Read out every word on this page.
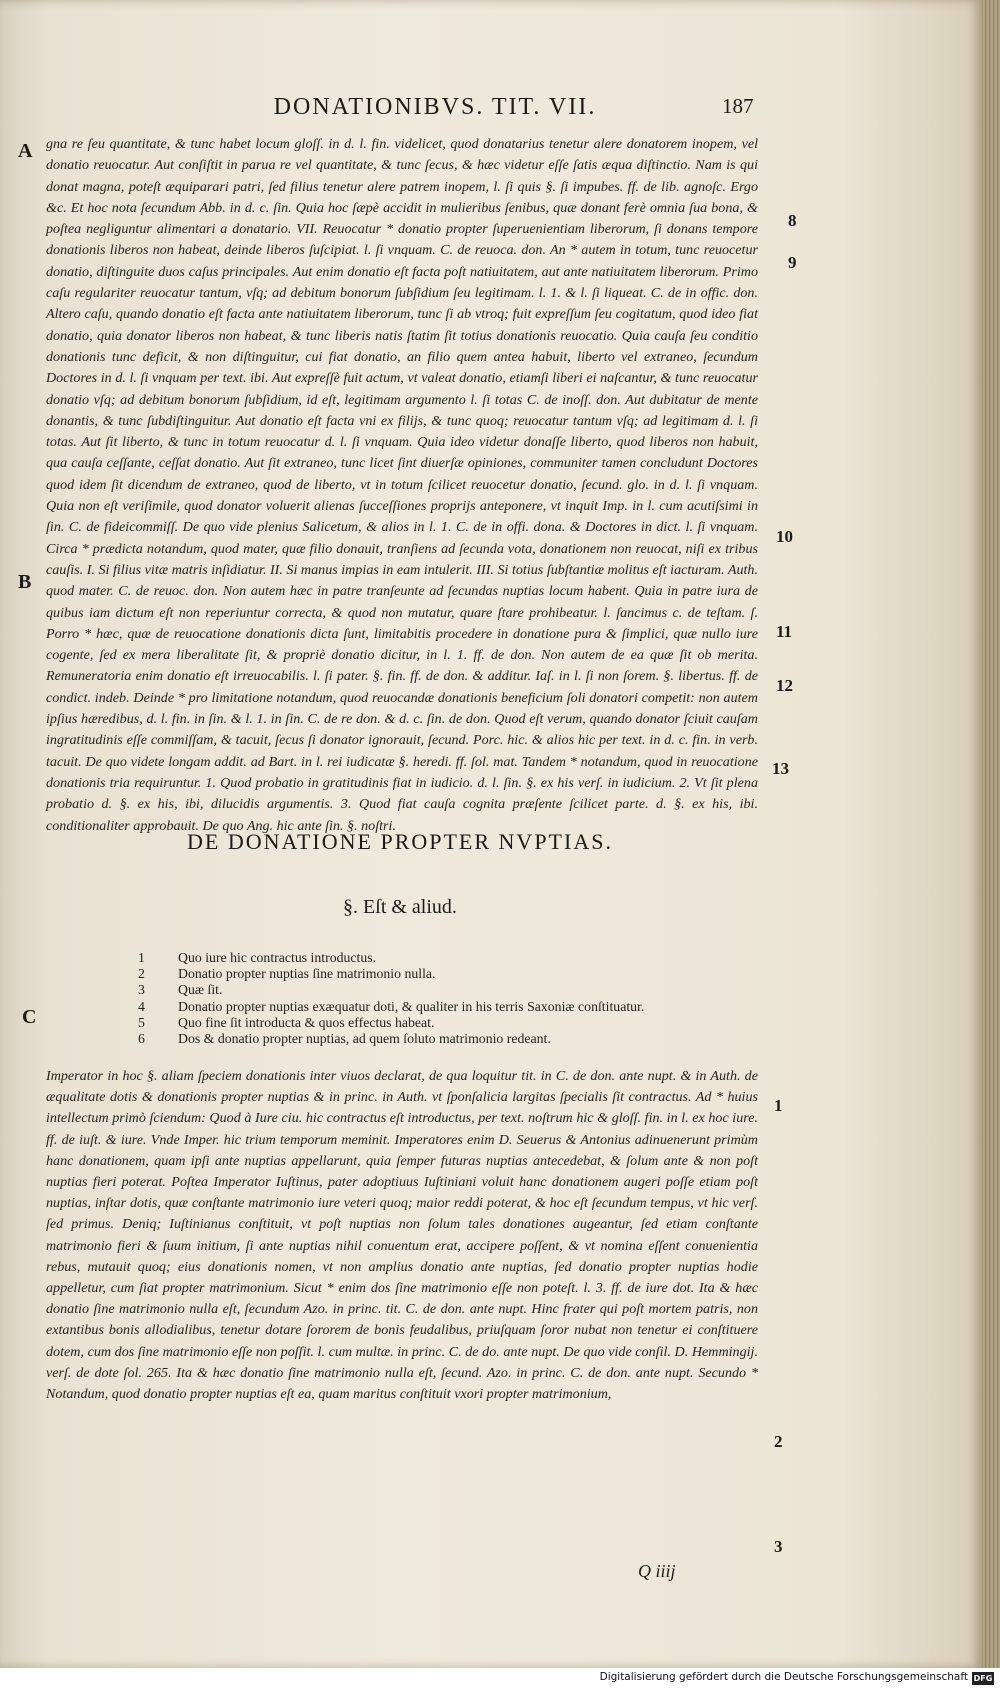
DONATIONIBVS. TIT. VII.	187
A
B
C
8
9
10
11
12
13
1
2
3

gna re ſeu quantitate, & tunc habet locum gloſſ. in d. l. fin. videlicet, quod donatarius tenetur alere donatorem inopem, vel donatio reuocatur. Aut conſiſtit in parua re vel quantitate, & tunc ſecus, & hæc videtur eſſe ſatis æqua diſtinctio. Nam is qui donat magna, poteſt æquiparari patri, ſed filius tenetur alere patrem inopem, l. ſi quis §. ſi impubes. ff. de lib. agnoſc. Ergo &c. Et hoc nota ſecundum Abb. in d. c. ſin. Quia hoc ſæpè accidit in mulieribus ſenibus, quæ donant ferè omnia ſua bona, & poſtea negliguntur alimentari a donatario. VII. Reuocatur * donatio propter ſuperuenientiam liberorum, ſi donans tempore donationis liberos non habeat, deinde liberos ſuſcipiat. l. ſi vnquam. C. de reuoca. don. An * autem in totum, tunc reuocetur donatio, diſtinguite duos caſus principales. Aut enim donatio eſt facta poſt natiuitatem, aut ante natiuitatem liberorum. Primo caſu regulariter reuocatur tantum, vſq; ad debitum bonorum ſubſidium ſeu legitimam. l. 1. & l. ſi liqueat. C. de in offic. don. Altero caſu, quando donatio eſt facta ante natiuitatem liberorum, tunc ſi ab vtroq; fuit expreſſum ſeu cogitatum, quod ideo fiat donatio, quia donator liberos non habeat, & tunc liberis natis ſtatim ſit totius donationis reuocatio. Quia cauſa ſeu conditio donationis tunc deficit, & non diſtinguitur, cui fiat donatio, an filio quem antea habuit, liberto vel extraneo, ſecundum Doctores in d. l. ſi vnquam per text. ibi. Aut expreſſè fuit actum, vt valeat donatio, etiamſi liberi ei naſcantur, & tunc reuocatur donatio vſq; ad debitum bonorum ſubſidium, id eſt, legitimam argumento l. ſi totas C. de inoſſ. don. Aut dubitatur de mente donantis, & tunc ſubdiſtinguitur. Aut donatio eſt facta vni ex filijs, & tunc quoq; reuocatur tantum vſq; ad legitimam d. l. ſi totas. Aut ſit liberto, & tunc in totum reuocatur d. l. ſi vnquam. Quia ideo videtur donaſſe liberto, quod liberos non habuit, qua cauſa ceſſante, ceſſat donatio. Aut ſit extraneo, tunc licet ſint diuerſæ opiniones, communiter tamen concludunt Doctores quod idem ſit dicendum de extraneo, quod de liberto, vt in totum ſcilicet reuocetur donatio, ſecund. glo. in d. l. ſi vnquam. Quia non eſt veriſimile, quod donator voluerit alienas ſucceſſiones proprijs anteponere, vt inquit Imp. in l. cum acutiſsimi in ſin. C. de fideicommiſſ. De quo vide plenius Salicetum, & alios in l. 1. C. de in offi. dona. & Doctores in dict. l. ſi vnquam. Circa * prædicta notandum, quod mater, quæ filio donauit, tranſiens ad ſecunda vota, donationem non reuocat, niſi ex tribus cauſis. I. Si filius vitæ matris inſidiatur. II. Si manus impias in eam intulerit. III. Si totius ſubſtantiæ molitus eſt iacturam. Auth. quod mater. C. de reuoc. don. Non autem hæc in patre tranſeunte ad ſecundas nuptias locum habent. Quia in patre iura de quibus iam dictum eſt non reperiuntur correcta, & quod non mutatur, quare ſtare prohibeatur. l. ſancimus c. de teſtam. ſ. Porro * hæc, quæ de reuocatione donationis dicta ſunt, limitabitis procedere in donatione pura & ſimplici, quæ nullo iure cogente, ſed ex mera liberalitate ſit, & propriè donatio dicitur, in l. 1. ff. de don. Non autem de ea quæ ſit ob merita. Remuneratoria enim donatio eſt irreuocabilis. l. ſi pater. §. fin. ff. de don. & additur. Iaſ. in l. ſi non ſorem. §. libertus. ff. de condict. indeb. Deinde * pro limitatione notandum, quod reuocandæ donationis beneficium ſoli donatori competit: non autem ipſius hæredibus, d. l. fin. in ſin. & l. 1. in ſin. C. de re don. & d. c. ſin. de don. Quod eſt verum, quando donator ſciuit cauſam ingratitudinis eſſe commiſſam, & tacuit, ſecus ſi donator ignorauit, ſecund. Porc. hic. & alios hic per text. in d. c. fin. in verb. tacuit. De quo videte longam addit. ad Bart. in l. rei iudicatæ §. heredi. ff. ſol. mat. Tandem * notandum, quod in reuocatione donationis tria requiruntur. 1. Quod probatio in gratitudinis fiat in iudicio. d. l. ſin. §. ex his verſ. in iudicium. 2. Vt ſit plena probatio d. §. ex his, ibi, dilucidis argumentis. 3. Quod fiat cauſa cognita præſente ſcilicet parte. d. §. ex his, ibi. conditionaliter approbauit. De quo Ang. hic ante ſin. §. noſtri.

DE DONATIONE PROPTER NVPTIAS.
§. Eſt & aliud.
1	Quo iure hic contractus introductus.
2	Donatio propter nuptias ſine matrimonio nulla.
3	Quæ ſit.
4	Donatio propter nuptias exæquatur doti, & qualiter in his terris Saxoniæ conſtituatur.
5	Quo fine ſit introducta & quos effectus habeat.
6	Dos & donatio propter nuptias, ad quem ſoluto matrimonio redeant.

Imperator in hoc §. aliam ſpeciem donationis inter viuos declarat, de qua loquitur tit. in C. de don. ante nupt. & in Auth. de æqualitate dotis & donationis propter nuptias & in princ. in Auth. vt ſponſalicia largitas ſpecialis ſit contractus. Ad * huius intellectum primò ſciendum: Quod à Iure ciu. hic contractus eſt introductus, per text. noſtrum hic & gloſſ. fin. in l. ex hoc iure. ff. de iuſt. & iure. Vnde Imper. hic trium temporum meminit. Imperatores enim D. Seuerus & Antonius adinuenerunt primùm hanc donationem, quam ipſi ante nuptias appellarunt, quia ſemper futuras nuptias antecedebat, & ſolum ante & non poſt nuptias fieri poterat. Poſtea Imperator Iuſtinus, pater adoptiuus Iuſtiniani voluit hanc donationem augeri poſſe etiam poſt nuptias, inſtar dotis, quæ conſtante matrimonio iure veteri quoq; maior reddi poterat, & hoc eſt ſecundum tempus, vt hic verſ. ſed primus. Deniq; Iuſtinianus conſtituit, vt poſt nuptias non ſolum tales donationes augeantur, ſed etiam conſtante matrimonio fieri & ſuum initium, ſi ante nuptias nihil conuentum erat, accipere poſſent, & vt nomina eſſent conuenientia rebus, mutauit quoq; eius donationis nomen, vt non amplius donatio ante nuptias, ſed donatio propter nuptias hodie appelletur, cum ſiat propter matrimonium. Sicut * enim dos ſine matrimonio eſſe non poteſt. l. 3. ff. de iure dot. Ita & hæc donatio ſine matrimonio nulla eſt, ſecundum Azo. in princ. tit. C. de don. ante nupt. Hinc frater qui poſt mortem patris, non extantibus bonis allodialibus, tenetur dotare ſororem de bonis feudalibus, priuſquam ſoror nubat non tenetur ei conſtituere dotem, cum dos ſine matrimonio eſſe non poſſit. l. cum multæ. in princ. C. de do. ante nupt. De quo vide conſil. D. Hemmingij. verſ. de dote ſol. 265. Ita & hæc donatio ſine matrimonio nulla eſt, ſecund. Azo. in princ. C. de don. ante nupt. Secundo * Notandum, quod donatio propter nuptias eſt ea, quam maritus conſtituit vxori propter matrimonium,

Q iiij
Digitalisierung gefördert durch die Deutsche Forschungsgemeinschaft DFG
